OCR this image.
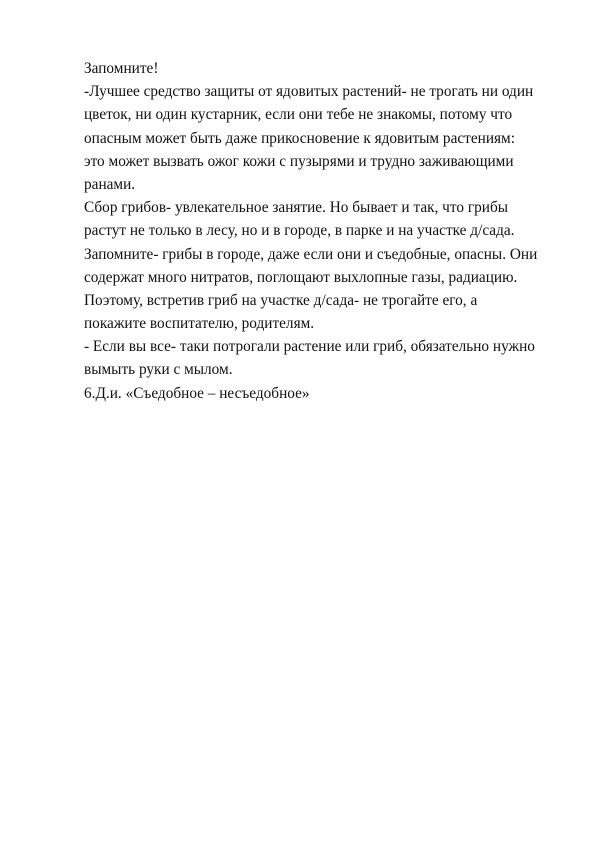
Запомните!
-Лучшее средство защиты от ядовитых растений- не трогать ни один
цветок, ни один кустарник, если они тебе не знакомы, потому что
опасным может быть даже прикосновение к ядовитым растениям:
это может вызвать ожог кожи с пузырями и трудно заживающими
ранами.
Сбор грибов- увлекательное занятие. Но бывает и так, что грибы
растут не только в лесу, но и в городе, в парке и на участке д/сада.
Запомните- грибы в городе, даже если они и съедобные, опасны. Они
содержат много нитратов, поглощают выхлопные газы, радиацию.
Поэтому, встретив гриб на участке д/сада- не трогайте его, а
покажите воспитателю, родителям.
- Если вы все- таки потрогали растение или гриб, обязательно нужно
вымыть руки с мылом.
6.Д.и. «Съедобное – несъедобное»
